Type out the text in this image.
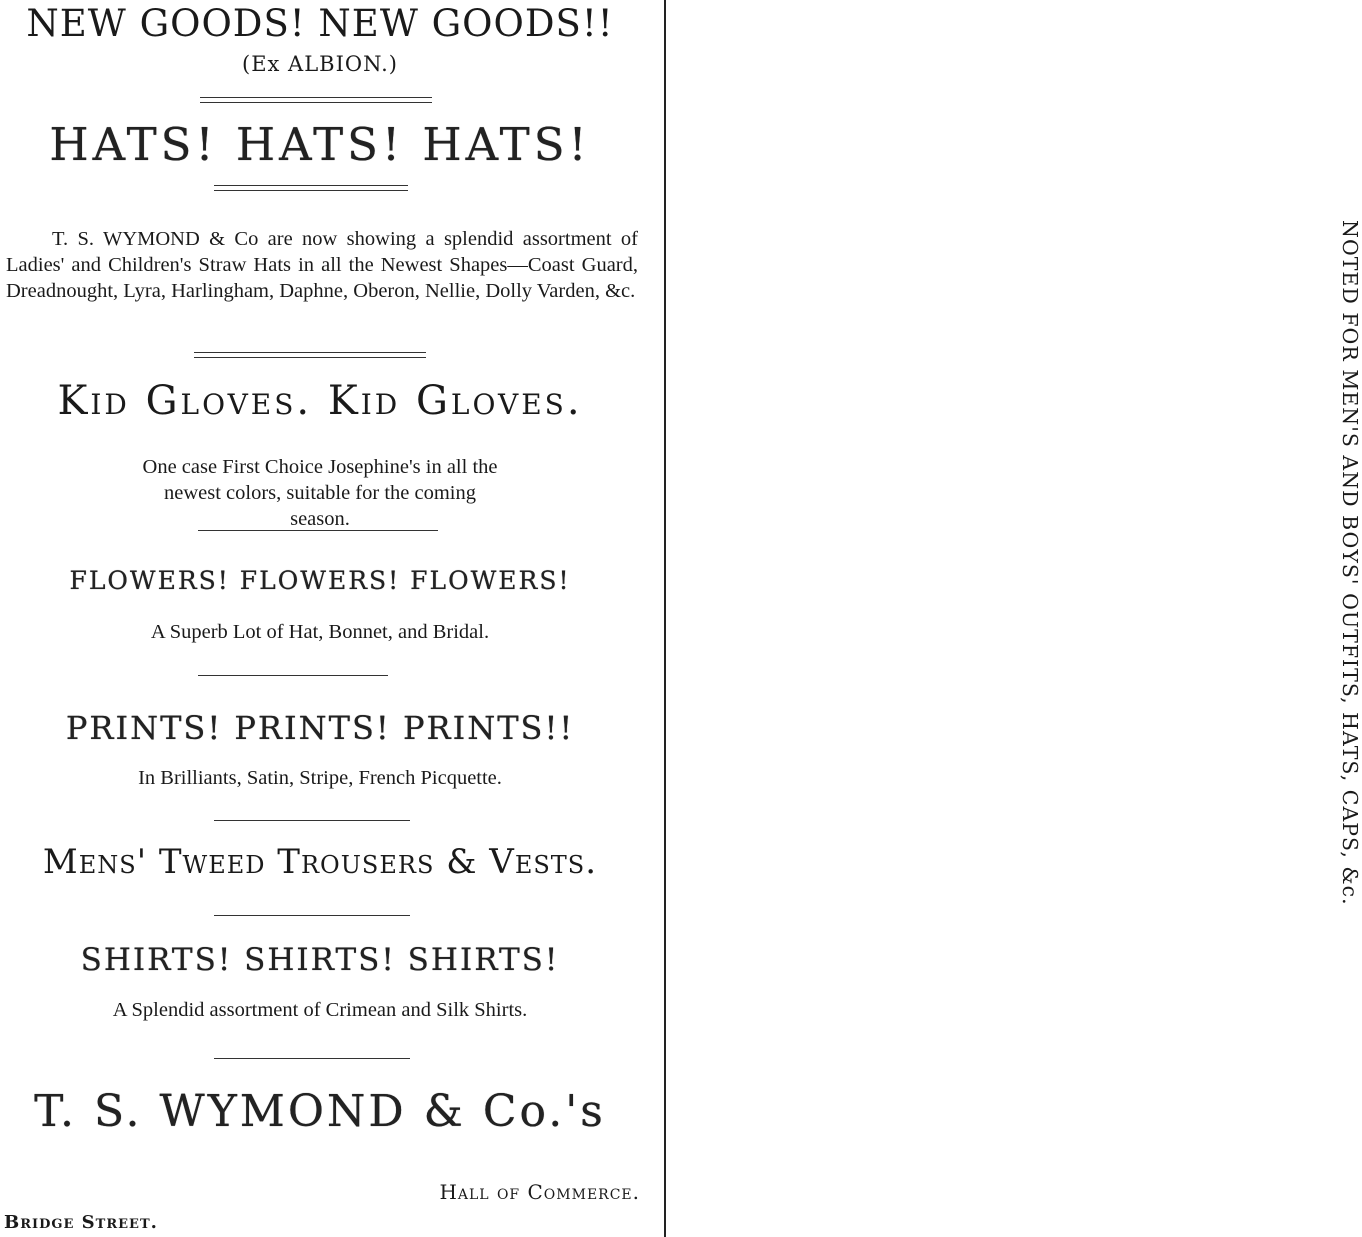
NEW GOODS! NEW GOODS!!
(Ex ALBION.)
HATS! HATS! HATS!

T. S. WYMOND & Co are now showing a splendid assortment of Ladies' and Children's Straw Hats in all the Newest Shapes—Coast Guard, Dreadnought, Lyra, Harlingham, Daphne, Oberon, Nellie, Dolly Varden, &c.

Kid Gloves. Kid Gloves.

One case First Choice Josephine's in all the newest colors, suitable for the coming season.

FLOWERS! FLOWERS! FLOWERS!

A Superb Lot of Hat, Bonnet, and Bridal.

PRINTS! PRINTS! PRINTS!!

In Brilliants, Satin, Stripe, French Picquette.

Mens' Tweed Trousers & Vests.
SHIRTS! SHIRTS! SHIRTS!

A Splendid assortment of Crimean and Silk Shirts.

T. S. WYMOND & Co.'s
Hall of Commerce.
Bridge Street.
NOTED FOR MEN'S AND BOYS' OUTFITS, HATS, CAPS, &c.
